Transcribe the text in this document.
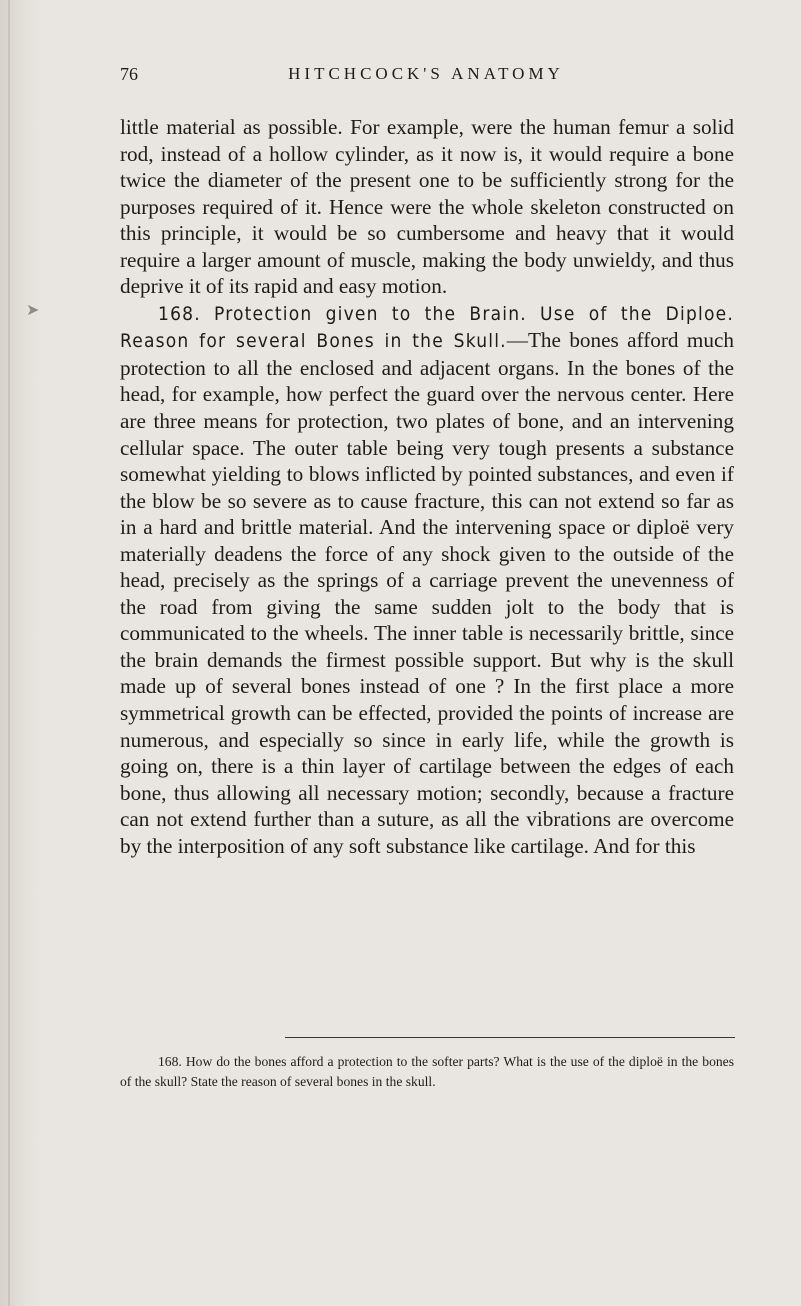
➤
76	HITCHCOCK'S ANATOMY

little material as possible. For example, were the human femur a solid rod, instead of a hollow cylinder, as it now is, it would require a bone twice the diameter of the present one to be sufficiently strong for the purposes required of it. Hence were the whole skeleton constructed on this principle, it would be so cumbersome and heavy that it would require a larger amount of muscle, making the body unwieldy, and thus deprive it of its rapid and easy motion.

168. Protection given to the Brain. Use of the Diploe. Reason for several Bones in the Skull.—The bones afford much protection to all the enclosed and adjacent organs. In the bones of the head, for example, how perfect the guard over the nervous center. Here are three means for protection, two plates of bone, and an intervening cellular space. The outer table being very tough presents a substance somewhat yielding to blows inflicted by pointed substances, and even if the blow be so severe as to cause fracture, this can not extend so far as in a hard and brittle material. And the intervening space or diploë very materially deadens the force of any shock given to the outside of the head, precisely as the springs of a carriage prevent the unevenness of the road from giving the same sudden jolt to the body that is communicated to the wheels. The inner table is necessarily brittle, since the brain demands the firmest possible support. But why is the skull made up of several bones instead of one ? In the first place a more symmetrical growth can be effected, provided the points of increase are numerous, and especially so since in early life, while the growth is going on, there is a thin layer of cartilage between the edges of each bone, thus allowing all necessary motion; secondly, because a fracture can not extend further than a suture, as all the vibrations are overcome by the interposition of any soft substance like cartilage. And for this

168. How do the bones afford a protection to the softer parts? What is the use of the diploë in the bones of the skull? State the reason of several bones in the skull.
